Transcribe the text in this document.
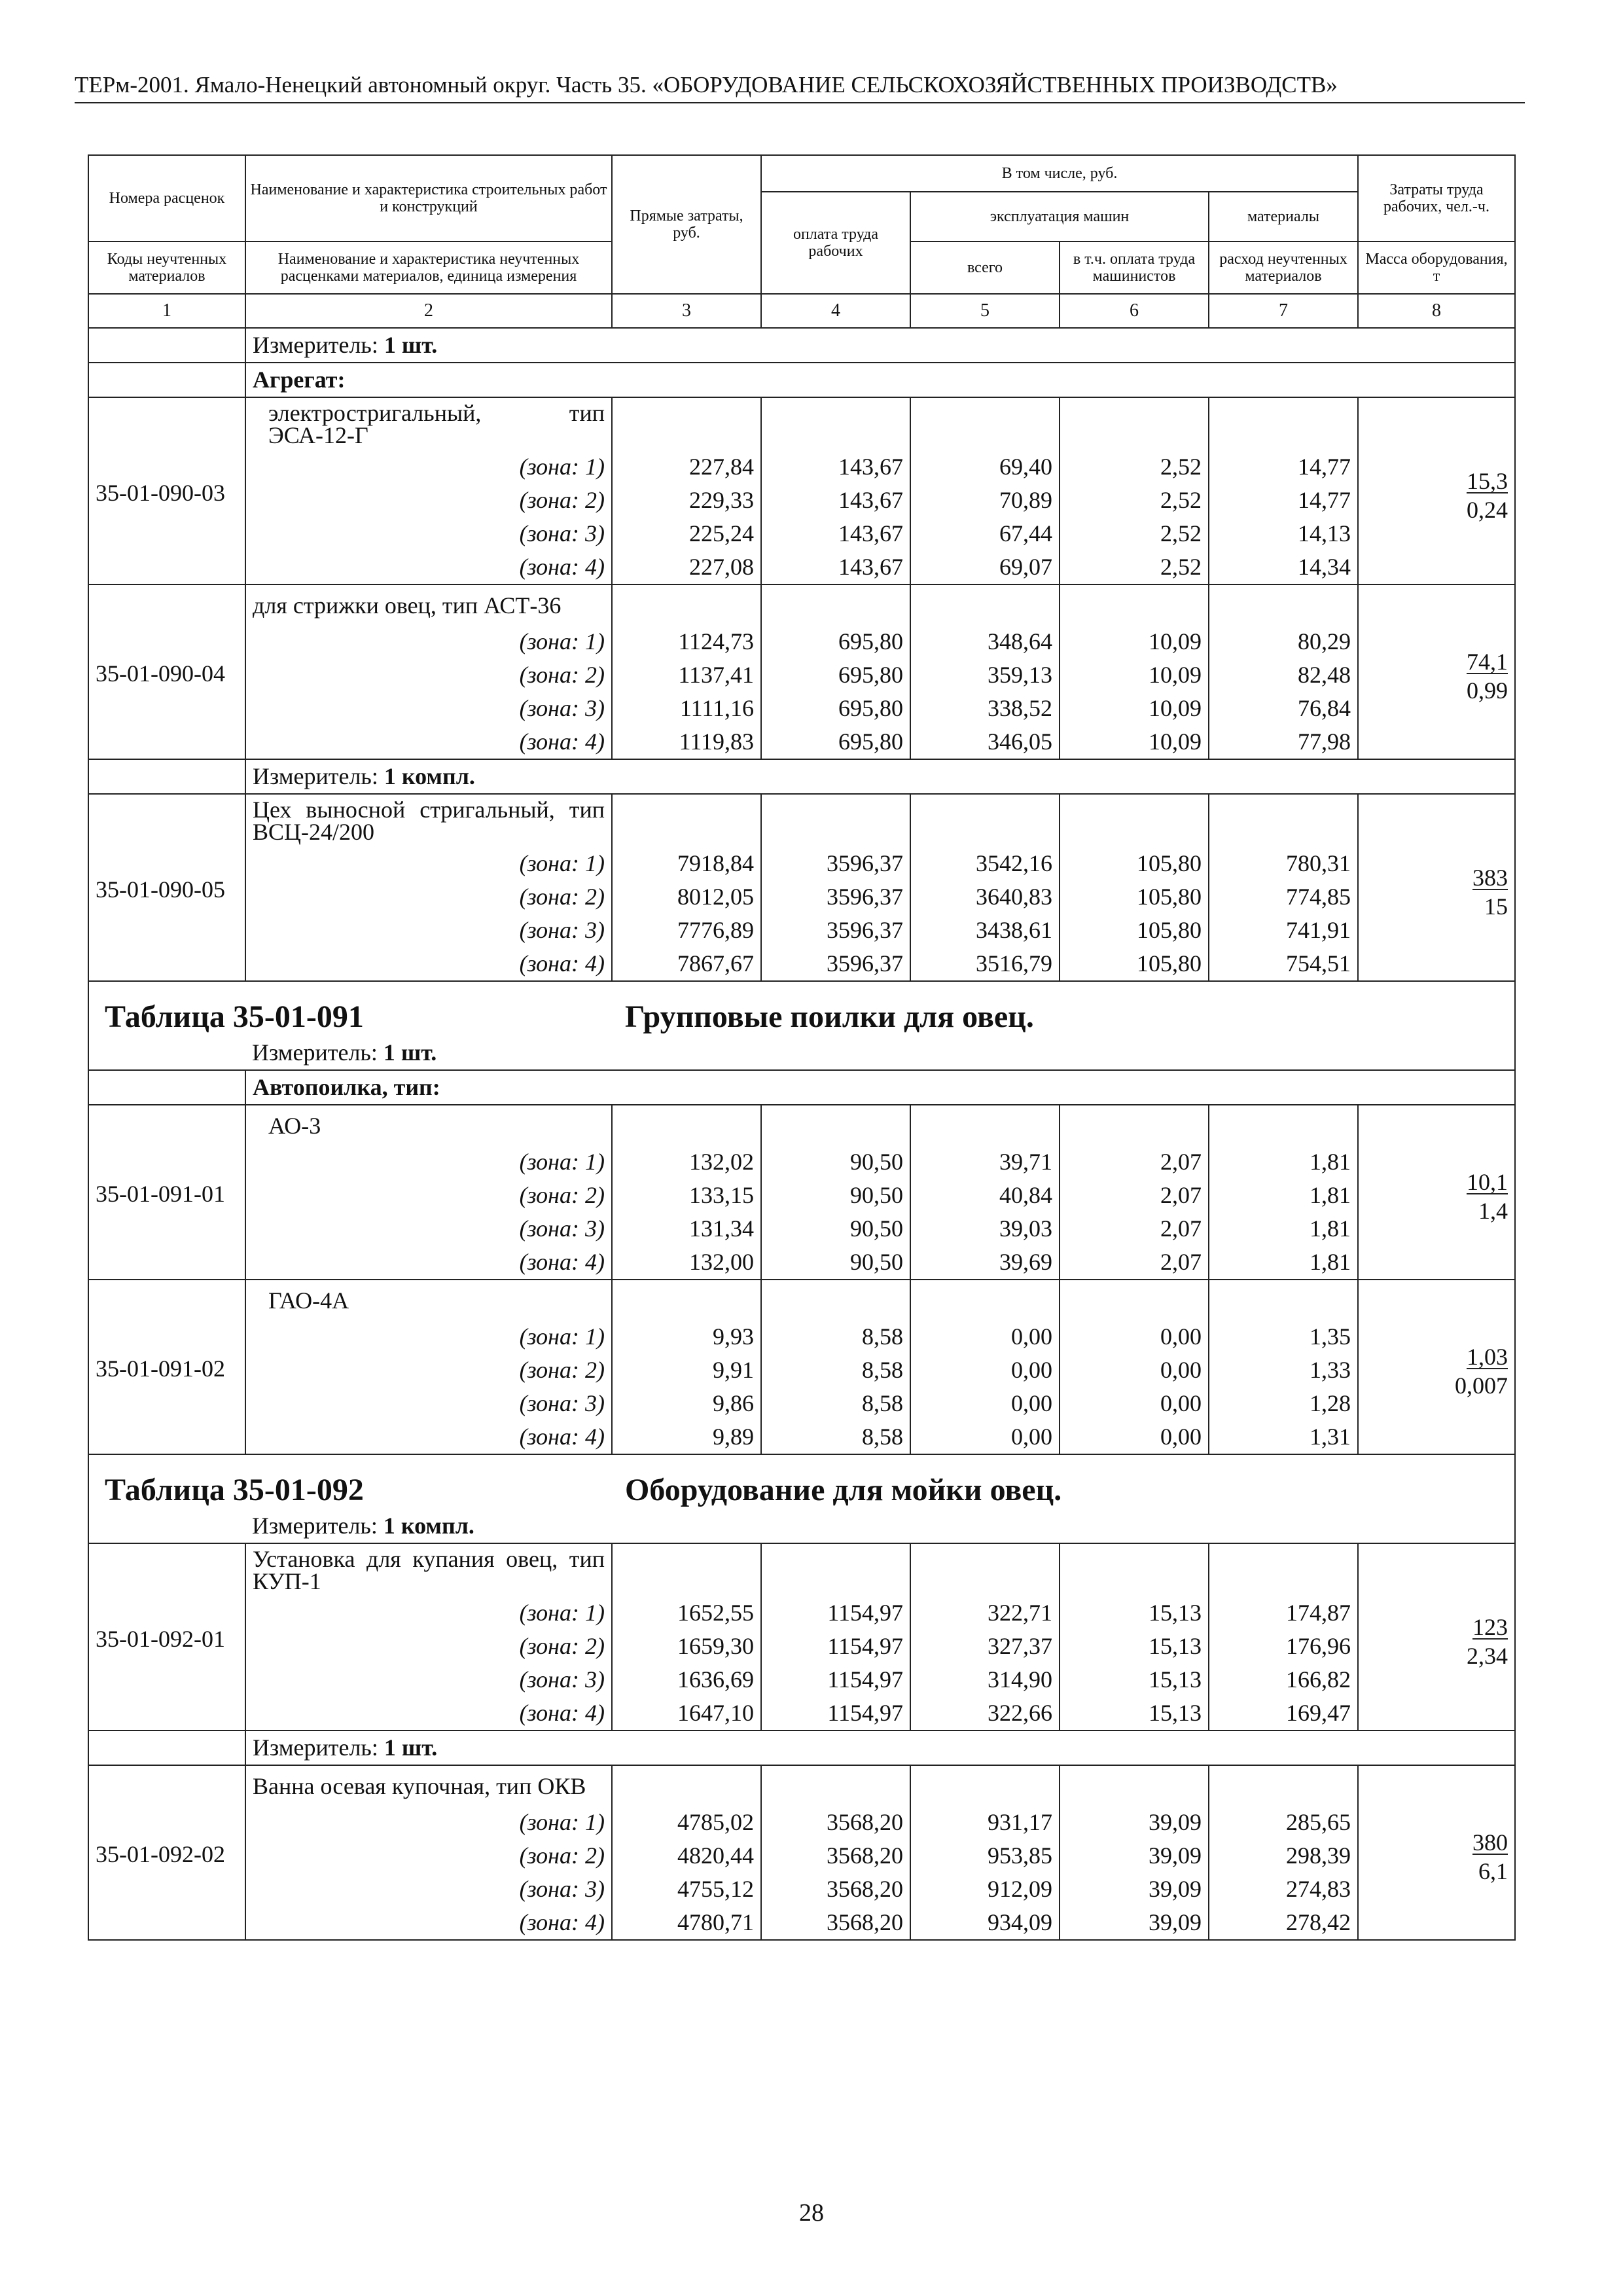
ТЕРм-2001. Ямало-Ненецкий автономный округ. Часть 35. «ОБОРУДОВАНИЕ СЕЛЬСКОХОЗЯЙСТВЕННЫХ ПРОИЗВОДСТВ»
Номера расценок	Наименование и характеристика строительных работ и конструкций	Прямые затраты, руб.	В том числе, руб.				Затраты труда рабочих, чел.-ч.
			оплата труда рабочих	эксплуатация машин		материалы	

Коды неучтенных материалов	Наименование и характеристика неучтенных расценками материалов, единица измерения			всего	в т.ч. оплата труда машинистов	расход неучтенных материалов	Масса оборудования, т

1	2	3	4	5	6	7	8
	Измеритель: 1 шт.						
	Агрегат:						
35-01-090-03	электростригальный, тип ЭСА-12-Г						15,3
0,24

	(зона: 1)	227,84	143,67	69,40	2,52	14,77	
	(зона: 2)	229,33	143,67	70,89	2,52	14,77	
	(зона: 3)	225,24	143,67	67,44	2,52	14,13	
	(зона: 4)	227,08	143,67	69,07	2,52	14,34	
35-01-090-04	для стрижки овец, тип АСТ-36						74,1
0,99

	(зона: 1)	1124,73	695,80	348,64	10,09	80,29	
	(зона: 2)	1137,41	695,80	359,13	10,09	82,48	
	(зона: 3)	1111,16	695,80	338,52	10,09	76,84	
	(зона: 4)	1119,83	695,80	346,05	10,09	77,98	
	Измеритель: 1 компл.						
35-01-090-05	Цех выносной стригальный, тип ВСЦ-24/200						383
15

	(зона: 1)	7918,84	3596,37	3542,16	105,80	780,31	
	(зона: 2)	8012,05	3596,37	3640,83	105,80	774,85	
	(зона: 3)	7776,89	3596,37	3438,61	105,80	741,91	
	(зона: 4)	7867,67	3596,37	3516,79	105,80	754,51	
Таблица 35-01-091 Групповые поилки для овец.							
	Измеритель: 1 шт.						
	Автопоилка, тип:						
35-01-091-01	АО-3						10,1
1,4

	(зона: 1)	132,02	90,50	39,71	2,07	1,81	
	(зона: 2)	133,15	90,50	40,84	2,07	1,81	
	(зона: 3)	131,34	90,50	39,03	2,07	1,81	
	(зона: 4)	132,00	90,50	39,69	2,07	1,81	
35-01-091-02	ГАО-4А						1,03
0,007

	(зона: 1)	9,93	8,58	0,00	0,00	1,35	
	(зона: 2)	9,91	8,58	0,00	0,00	1,33	
	(зона: 3)	9,86	8,58	0,00	0,00	1,28	
	(зона: 4)	9,89	8,58	0,00	0,00	1,31	
Таблица 35-01-092 Оборудование для мойки овец.							
	Измеритель: 1 компл.						
35-01-092-01	Установка для купания овец, тип КУП-1						123
2,34

	(зона: 1)	1652,55	1154,97	322,71	15,13	174,87	
	(зона: 2)	1659,30	1154,97	327,37	15,13	176,96	
	(зона: 3)	1636,69	1154,97	314,90	15,13	166,82	
	(зона: 4)	1647,10	1154,97	322,66	15,13	169,47	
	Измеритель: 1 шт.						
35-01-092-02	Ванна осевая купочная, тип ОКВ						380
6,1

	(зона: 1)	4785,02	3568,20	931,17	39,09	285,65	
	(зона: 2)	4820,44	3568,20	953,85	39,09	298,39	
	(зона: 3)	4755,12	3568,20	912,09	39,09	274,83	
	(зона: 4)	4780,71	3568,20	934,09	39,09	278,42	
28
